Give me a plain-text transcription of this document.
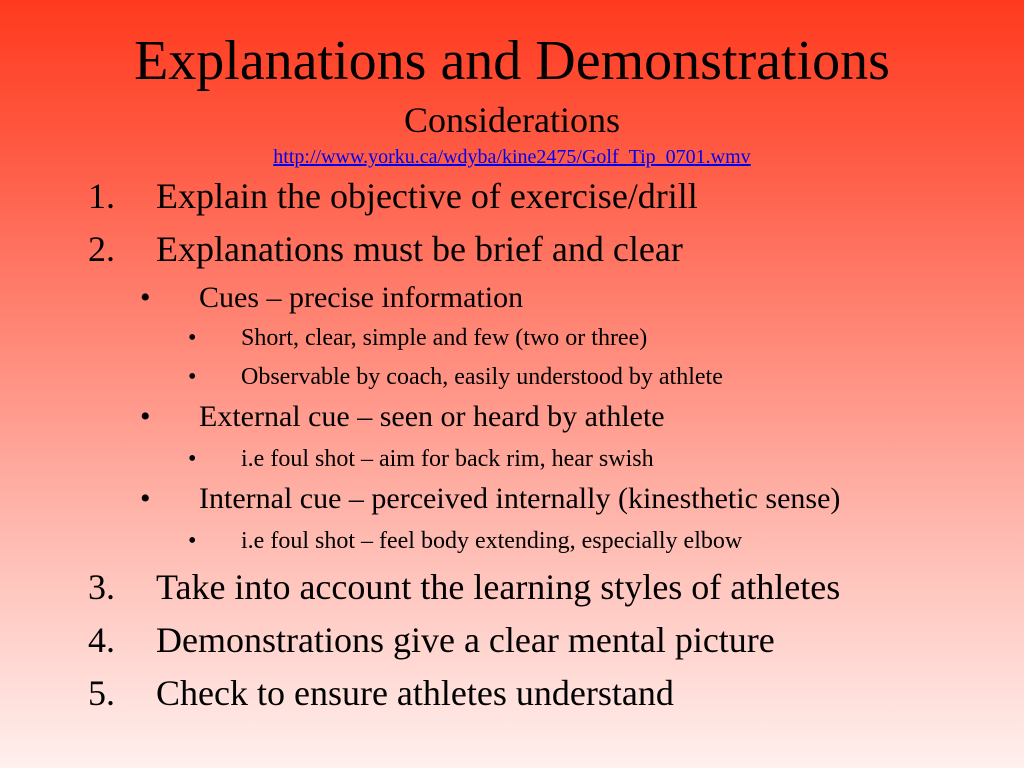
Explanations and Demonstrations
Considerations
http://www.yorku.ca/wdyba/kine2475/Golf_Tip_0701.wmv
1. Explain the objective of exercise/drill
2. Explanations must be brief and clear
• Cues – precise information
• Short, clear, simple and few (two or three)
• Observable by coach, easily understood by athlete
• External cue – seen or heard by athlete
• i.e foul shot – aim for back rim, hear swish
• Internal cue – perceived internally (kinesthetic sense)
• i.e foul shot – feel body extending, especially elbow
3. Take into account the learning styles of athletes
4. Demonstrations give a clear mental picture
5. Check to ensure athletes understand
